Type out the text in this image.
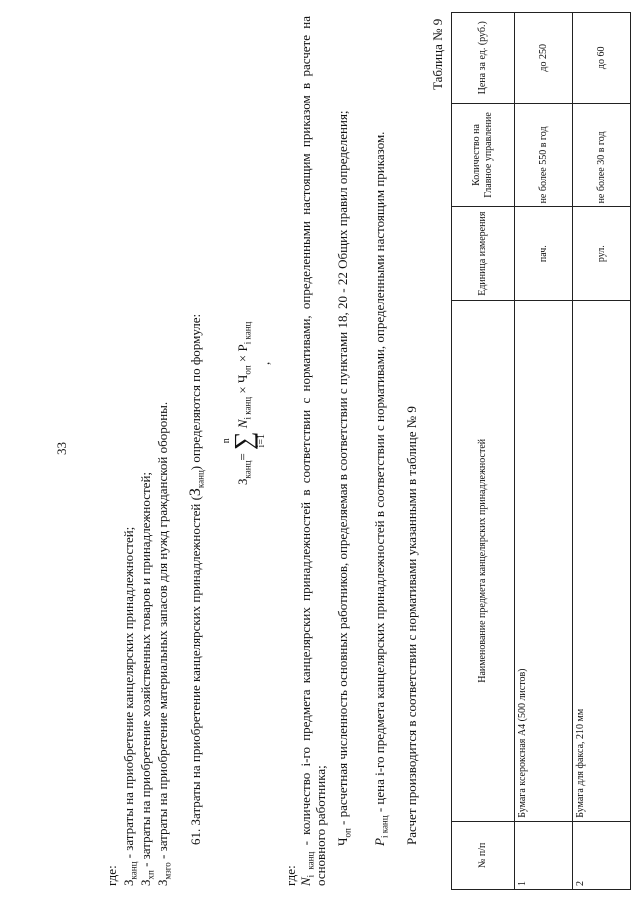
33
где: $З_{канц}$ - затраты на приобретение канцелярских принадлежностей;
$З_{хп}$ - затраты на приобретение хозяйственных товаров и принадлежностей;
$З_{мзго}$ - затраты на приобретение материальных запасов для нужд гражданской обороны. 61. Затраты на приобретение канцелярских принадлежностей $(З_{канц})$ определяются по формуле:
$З_{канц}=$
n
∑
i=1
$N_{i канц} \times Ч_{оп} \times P_{i канц}$
,
где: $N_{i канц}$ - количество i-го предмета канцелярских принадлежностей в соответствии с нормативами, определенными настоящим приказом в расчете на основного работника; $Ч_{оп}$ - расчетная численность основных работников, определяемая в соответствии с пунктами 18, 20 - 22 Общих правил определения;
$P_{i канц}$ - цена i-го предмета канцелярских принадлежностей в соответствии с нормативами, определенными настоящим приказом. Расчет производится в соответствии с нормативами указанными в таблице № 9
Таблица № 9
№ п/п	Наименование предмета канцелярских принадлежностей	Единица измерения	Количество на Главное управление	Цена за ед. (руб.)
1	Бумага ксероксная А4 (500 листов)	пач.	не более 550 в год	до 250
2	Бумага для факса, 210 мм	рул.	не более 30 в год	до 60
